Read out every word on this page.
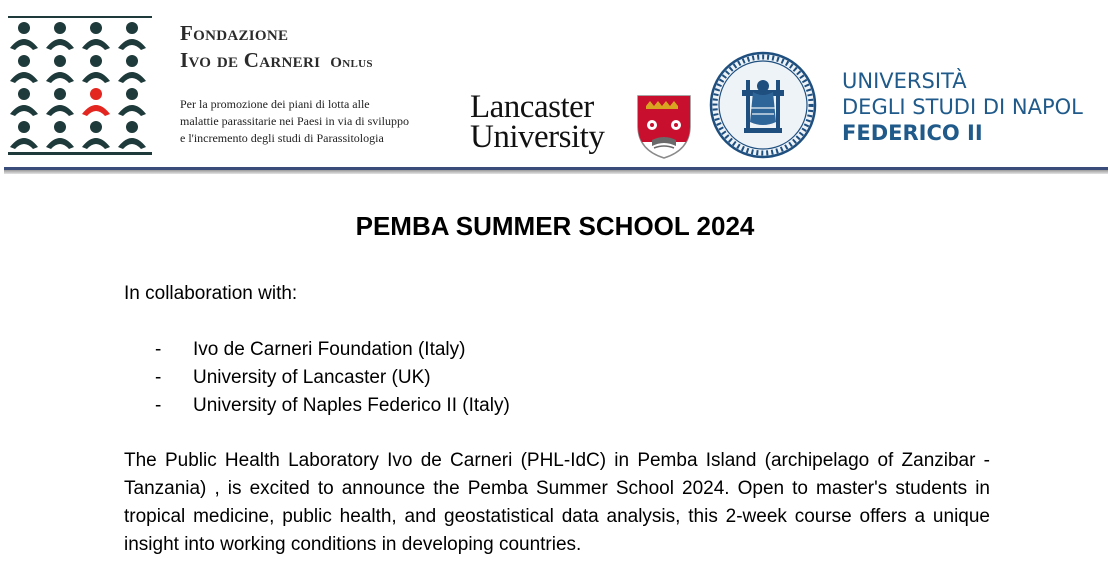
Fondazione
Ivo de Carneri Onlus
Per la promozione dei piani di lotta alle
malattie parassitarie nei Paesi in via di sviluppo
e l'incremento degli studi di Parassitologia
Lancaster
University
UNIVERSITÀ
DEGLI STUDI DI NAPOL
FEDERICO II
PEMBA SUMMER SCHOOL 2024
In collaboration with:
- Ivo de Carneri Foundation (Italy)
- University of Lancaster (UK)
- University of Naples Federico II (Italy)
The Public Health Laboratory Ivo de Carneri (PHL-IdC) in Pemba Island (archipelago of Zanzibar -Tanzania) , is excited to announce the Pemba Summer School 2024. Open to master's students in tropical medicine, public health, and geostatistical data analysis, this 2-week course offers a unique insight into working conditions in developing countries.
